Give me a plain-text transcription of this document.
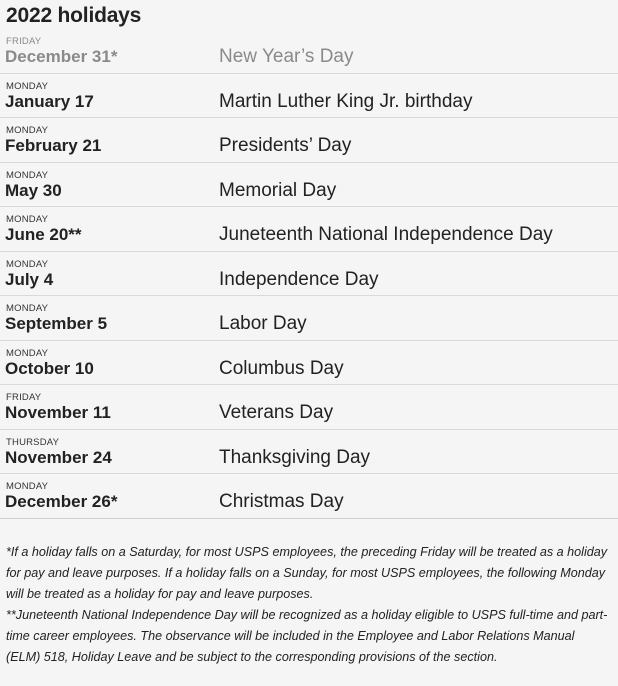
2022 holidays
FRIDAY
December 31*	New Year’s Day
MONDAY
January 17	Martin Luther King Jr. birthday
MONDAY
February 21	Presidents’ Day
MONDAY
May 30	Memorial Day
MONDAY
June 20**	Juneteenth National Independence Day
MONDAY
July 4	Independence Day
MONDAY
September 5	Labor Day
MONDAY
October 10	Columbus Day
FRIDAY
November 11	Veterans Day
THURSDAY
November 24	Thanksgiving Day
MONDAY
December 26*	Christmas Day

*If a holiday falls on a Saturday, for most USPS employees, the preceding Friday will be treated as a holiday for pay and leave purposes. If a holiday falls on a Sunday, for most USPS employees, the following Monday will be treated as a holiday for pay and leave purposes.

**Juneteenth National Independence Day will be recognized as a holiday eligible to USPS full-time and part-time career employees. The observance will be included in the Employee and Labor Relations Manual (ELM) 518, Holiday Leave and be subject to the corresponding provisions of the section.
